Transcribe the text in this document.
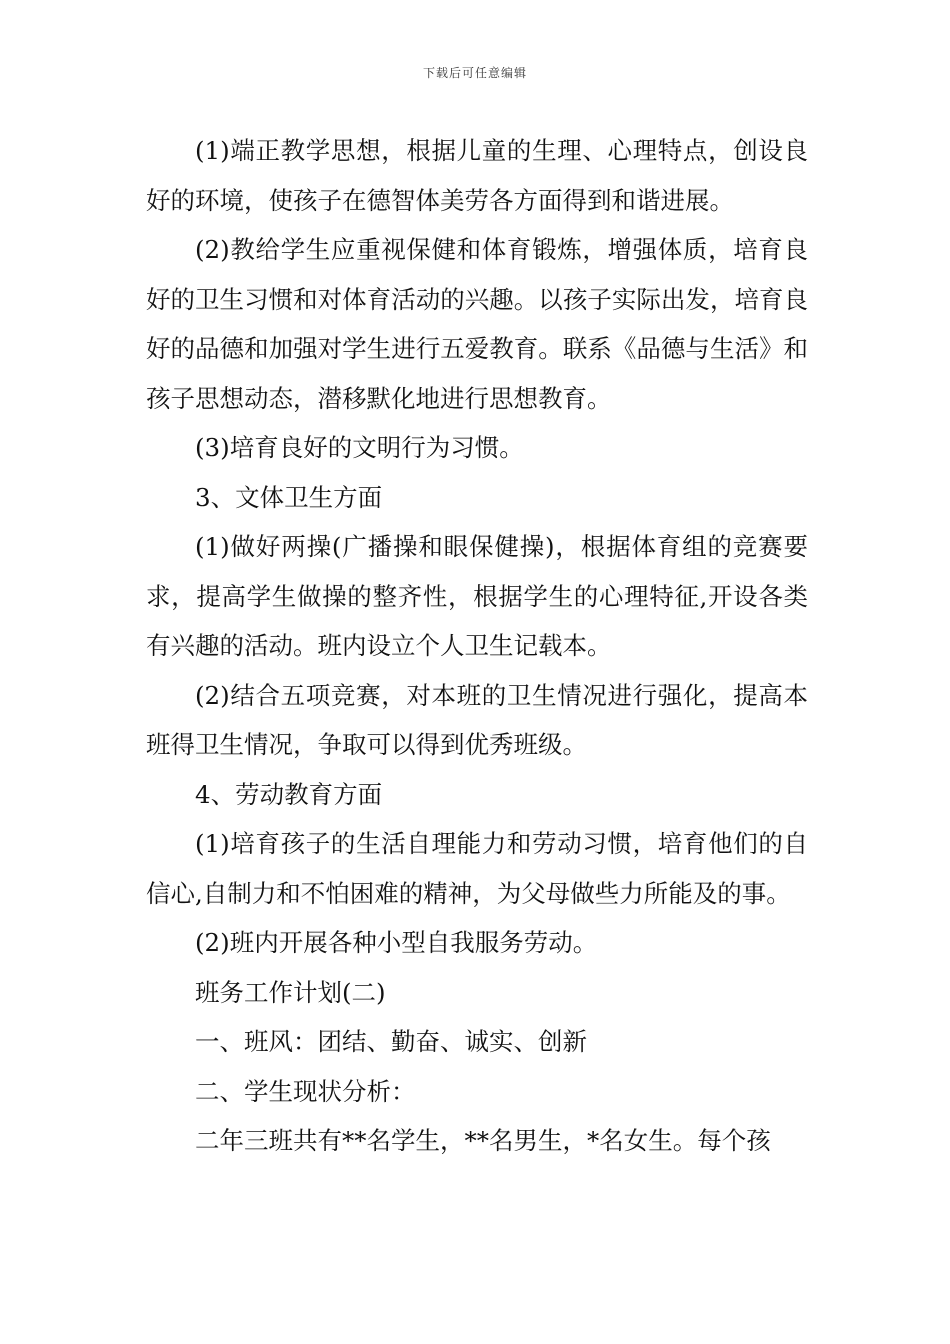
下载后可任意编辑

(1)端正教学思想，根据儿童的生理、心理特点，创设良好的环境，使孩子在德智体美劳各方面得到和谐进展。

(2)教给学生应重视保健和体育锻炼，增强体质，培育良好的卫生习惯和对体育活动的兴趣。以孩子实际出发，培育良好的品德和加强对学生进行五爱教育。联系《品德与生活》和孩子思想动态，潜移默化地进行思想教育。

(3)培育良好的文明行为习惯。

3、文体卫生方面

(1)做好两操(广播操和眼保健操)，根据体育组的竞赛要求，提高学生做操的整齐性，根据学生的心理特征,开设各类有兴趣的活动。班内设立个人卫生记载本。

(2)结合五项竞赛，对本班的卫生情况进行强化，提高本班得卫生情况，争取可以得到优秀班级。

4、劳动教育方面

(1)培育孩子的生活自理能力和劳动习惯，培育他们的自信心,自制力和不怕困难的精神，为父母做些力所能及的事。

(2)班内开展各种小型自我服务劳动。

班务工作计划(二)

一、班风：团结、勤奋、诚实、创新

二、学生现状分析：

二年三班共有**名学生，**名男生，*名女生。每个孩
